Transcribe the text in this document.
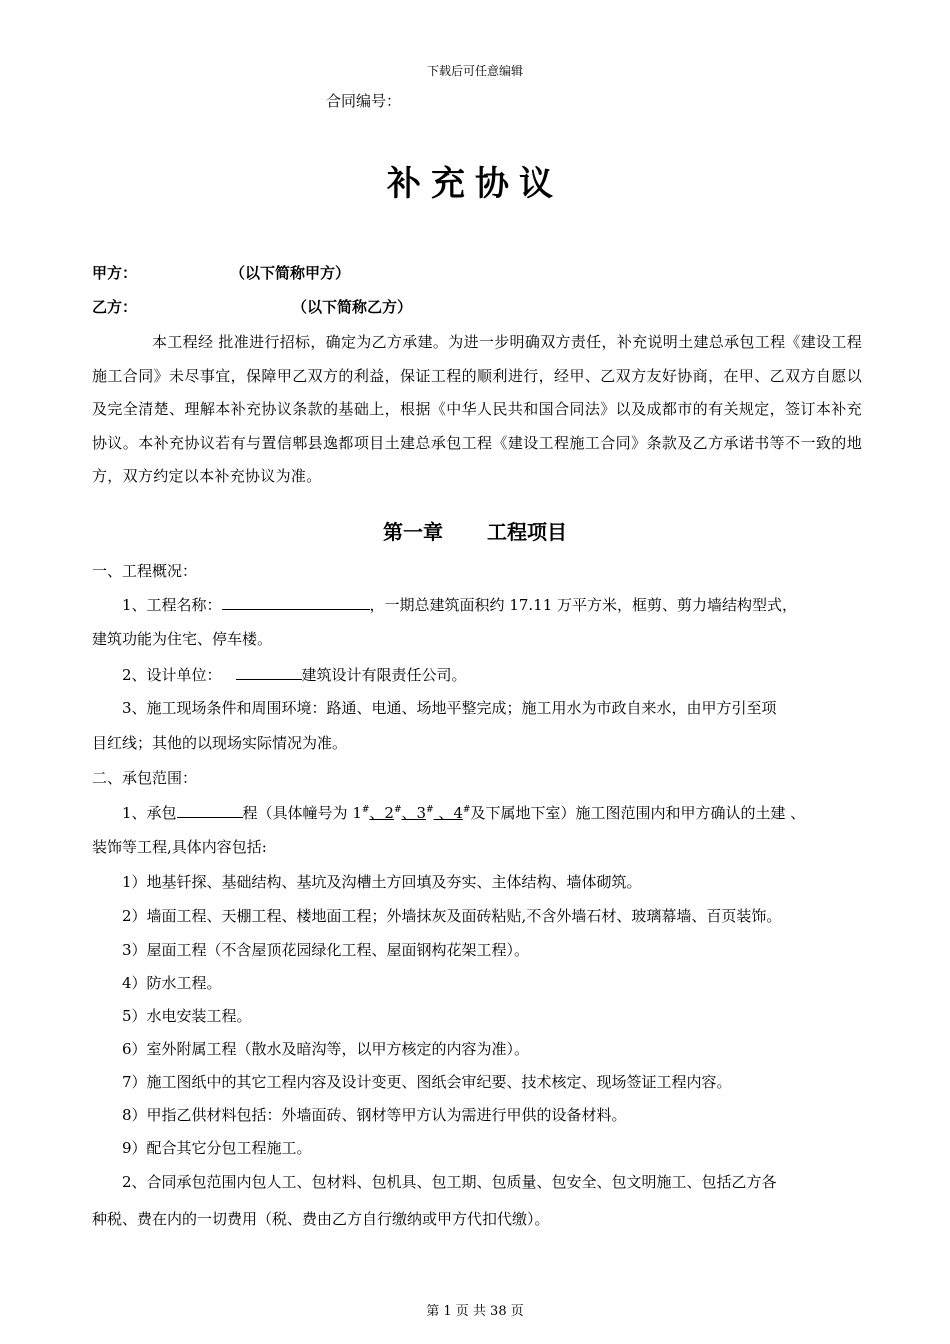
下载后可任意编辑
合同编号：
补充协议
甲方：	（以下简称甲方）
乙方：	（以下简称乙方）
本工程经 批准进行招标，确定为乙方承建。为进一步明确双方责任，补充说明土建总承包工程《建设工程施工合同》未尽事宜，保障甲乙双方的利益，保证工程的顺利进行，经甲、乙双方友好协商，在甲、乙双方自愿以及完全清楚、理解本补充协议条款的基础上，根据《中华人民共和国合同法》以及成都市的有关规定，签订本补充协议。本补充协议若有与置信郫县逸都项目土建总承包工程《建设工程施工合同》条款及乙方承诺书等不一致的地方，双方约定以本补充协议为准。
第一章 工程项目
一、工程概况：
1、工程名称：	，一期总建筑面积约 17.11 万平方米，框剪、剪力墙结构型式，
建筑功能为住宅、停车楼。
2、设计单位：	建筑设计有限责任公司。
3、施工现场条件和周围环境：路通、电通、场地平整完成；施工用水为市政自来水，由甲方引至项
目红线；其他的以现场实际情况为准。
二、承包范围：
1、承包	程（具体幢号为 1#、2#、3# 、4#及下属地下室）施工图范围内和甲方确认的土建 、
装饰等工程,具体内容包括:
1）地基钎探、基础结构、基坑及沟槽土方回填及夯实、主体结构、墙体砌筑。
2）墙面工程、天棚工程、楼地面工程；外墙抹灰及面砖粘贴,不含外墙石材、玻璃幕墙、百页装饰。
3）屋面工程（不含屋顶花园绿化工程、屋面钢构花架工程）。
4）防水工程。
5）水电安装工程。
6）室外附属工程（散水及暗沟等，以甲方核定的内容为准）。
7）施工图纸中的其它工程内容及设计变更、图纸会审纪要、技术核定、现场签证工程内容。
8）甲指乙供材料包括：外墙面砖、钢材等甲方认为需进行甲供的设备材料。
9）配合其它分包工程施工。
2、合同承包范围内包人工、包材料、包机具、包工期、包质量、包安全、包文明施工、包括乙方各
种税、费在内的一切费用（税、费由乙方自行缴纳或甲方代扣代缴）。
第 1 页 共 38 页
